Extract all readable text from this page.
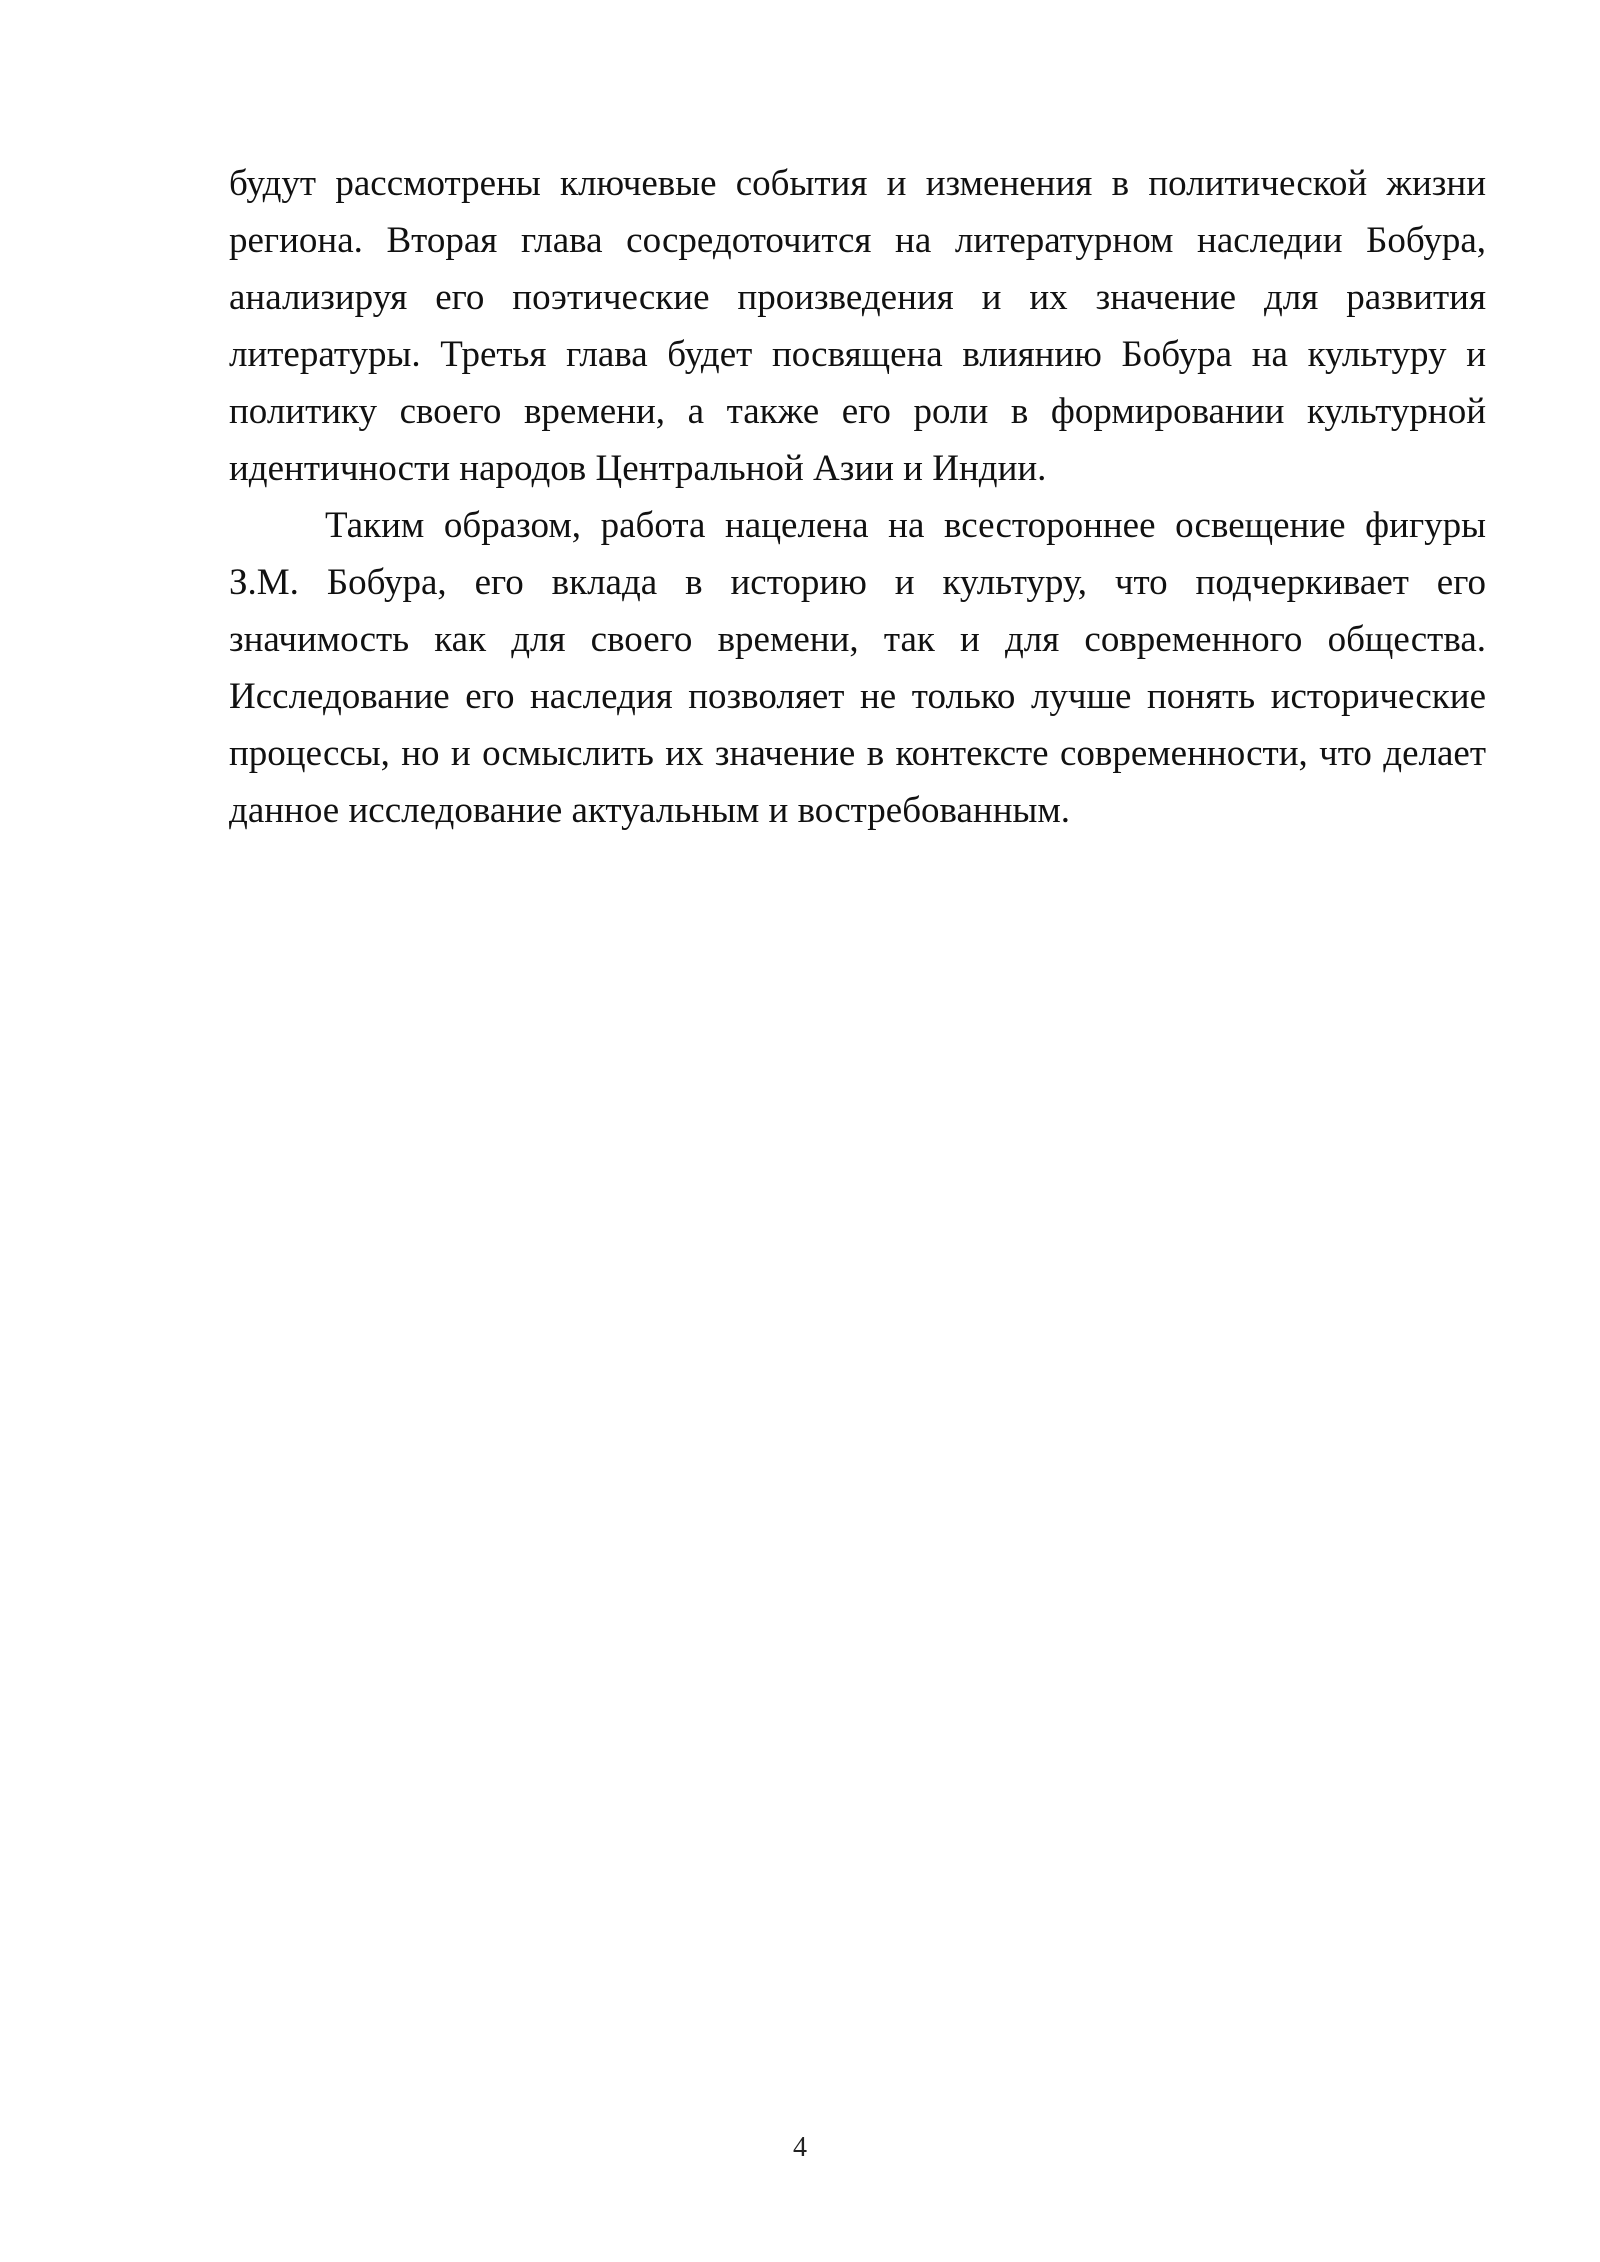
будут рассмотрены ключевые события и изменения в политической жизни региона. Вторая глава сосредоточится на литературном наследии Бобура, анализируя его поэтические произведения и их значение для развития литературы. Третья глава будет посвящена влиянию Бобура на культуру и политику своего времени, а также его роли в формировании культурной идентичности народов Центральной Азии и Индии.

Таким образом, работа нацелена на всестороннее освещение фигуры З.М. Бобура, его вклада в историю и культуру, что подчеркивает его значимость как для своего времени, так и для современного общества. Исследование его наследия позволяет не только лучше понять исторические процессы, но и осмыслить их значение в контексте современности, что делает данное исследование актуальным и востребованным.

4
